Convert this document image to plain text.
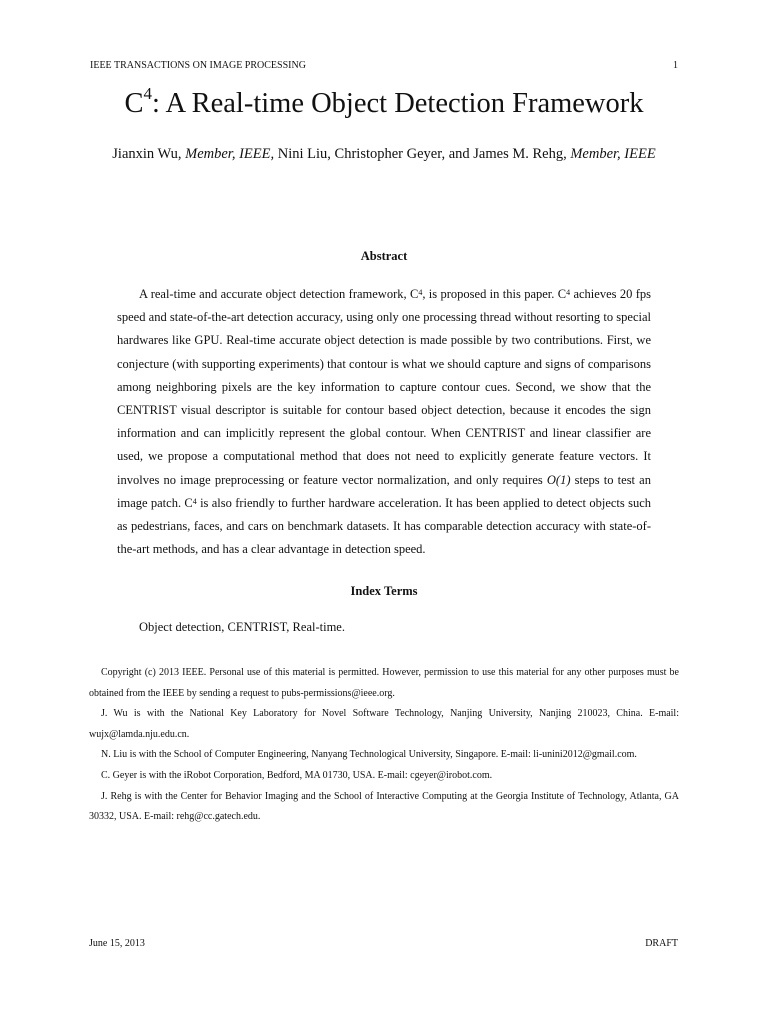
IEEE TRANSACTIONS ON IMAGE PROCESSING	1
$C^4$: A Real-time Object Detection Framework
Jianxin Wu, Member, IEEE, Nini Liu, Christopher Geyer, and James M. Rehg, Member, IEEE
Abstract
A real-time and accurate object detection framework, $C^4$, is proposed in this paper. $C^4$ achieves 20 fps speed and state-of-the-art detection accuracy, using only one processing thread without resorting to special hardwares like GPU. Real-time accurate object detection is made possible by two contributions. First, we conjecture (with supporting experiments) that contour is what we should capture and signs of comparisons among neighboring pixels are the key information to capture contour cues. Second, we show that the CENTRIST visual descriptor is suitable for contour based object detection, because it encodes the sign information and can implicitly represent the global contour. When CENTRIST and linear classifier are used, we propose a computational method that does not need to explicitly generate feature vectors. It involves no image preprocessing or feature vector normalization, and only requires O(1) steps to test an image patch. $C^4$ is also friendly to further hardware acceleration. It has been applied to detect objects such as pedestrians, faces, and cars on benchmark datasets. It has comparable detection accuracy with state-of-the-art methods, and has a clear advantage in detection speed.
Index Terms
Object detection, CENTRIST, Real-time.

Copyright (c) 2013 IEEE. Personal use of this material is permitted. However, permission to use this material for any other purposes must be obtained from the IEEE by sending a request to pubs-permissions@ieee.org.

J. Wu is with the National Key Laboratory for Novel Software Technology, Nanjing University, Nanjing 210023, China. E-mail: wujx@lamda.nju.edu.cn.

N. Liu is with the School of Computer Engineering, Nanyang Technological University, Singapore. E-mail: li-unini2012@gmail.com.

C. Geyer is with the iRobot Corporation, Bedford, MA 01730, USA. E-mail: cgeyer@irobot.com.

J. Rehg is with the Center for Behavior Imaging and the School of Interactive Computing at the Georgia Institute of Technology, Atlanta, GA 30332, USA. E-mail: rehg@cc.gatech.edu.

June 15, 2013	DRAFT
